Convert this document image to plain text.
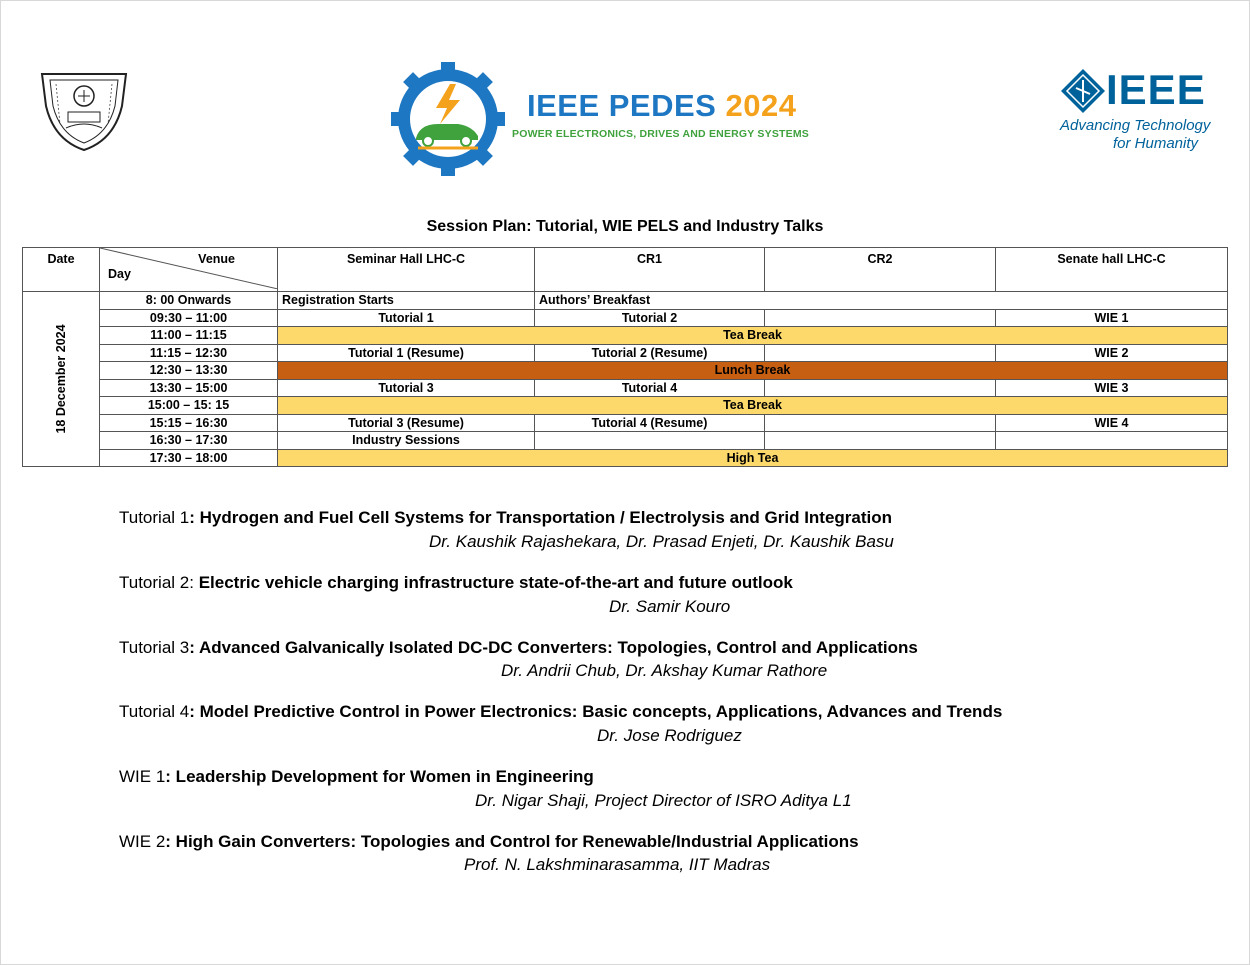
IEEE PEDES 2024
POWER ELECTRONICS, DRIVES AND ENERGY SYSTEMS
IEEE
Advancing Technology
for Humanity
Session Plan: Tutorial, WIE PELS and Industry Talks
Date	Venue
Day	Seminar Hall LHC-C	CR1	CR2	Senate hall LHC-C

18 December 2024	8: 00 Onwards	Registration Starts	Authors’ Breakfast		
	09:30 – 11:00	Tutorial 1	Tutorial 2		WIE 1
	11:00 – 11:15	Tea Break			
	11:15 – 12:30	Tutorial 1 (Resume)	Tutorial 2 (Resume)		WIE 2
	12:30 – 13:30	Lunch Break			
	13:30 – 15:00	Tutorial 3	Tutorial 4		WIE 3
	15:00 – 15: 15	Tea Break			
	15:15 – 16:30	Tutorial 3 (Resume)	Tutorial 4 (Resume)		WIE 4
	16:30 – 17:30	Industry Sessions			
	17:30 – 18:00	High Tea			
Tutorial 1: Hydrogen and Fuel Cell Systems for Transportation / Electrolysis and Grid Integration
Dr. Kaushik Rajashekara, Dr. Prasad Enjeti, Dr. Kaushik Basu
Tutorial 2: Electric vehicle charging infrastructure state-of-the-art and future outlook
Dr. Samir Kouro
Tutorial 3: Advanced Galvanically Isolated DC-DC Converters: Topologies, Control and Applications
Dr. Andrii Chub, Dr. Akshay Kumar Rathore
Tutorial 4: Model Predictive Control in Power Electronics: Basic concepts, Applications, Advances and Trends
Dr. Jose Rodriguez
WIE 1: Leadership Development for Women in Engineering
Dr. Nigar Shaji, Project Director of ISRO Aditya L1
WIE 2: High Gain Converters: Topologies and Control for Renewable/Industrial Applications
Prof. N. Lakshminarasamma, IIT Madras
